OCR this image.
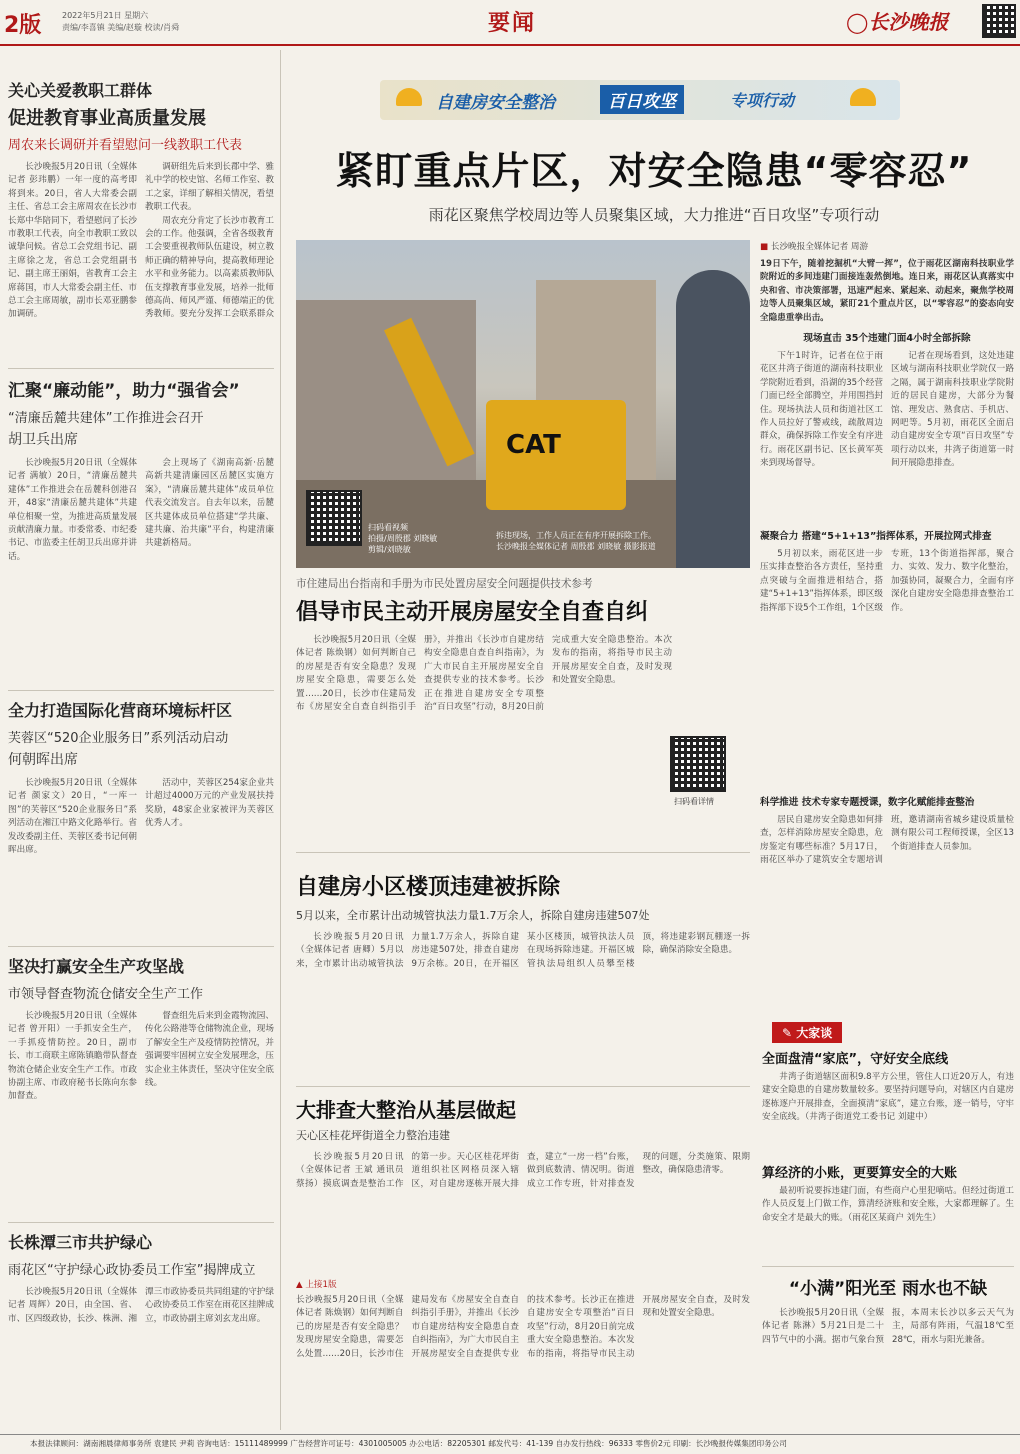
2版	2022年5月21日 星期六
责编/李喜镇 美编/赵璇 校读/肖舜	要闻	◯长沙晚报
关心关爱教职工群体
促进教育事业高质量发展
周农来长调研并看望慰问一线教职工代表

长沙晚报5月20日讯（全媒体记者 彭玮鹏）一年一度的高考即将到来。20日，省人大常委会副主任、省总工会主席周农在长沙市长郑中华陪同下，看望慰问了长沙市教职工代表，向全市教职工致以诚挚问候。省总工会党组书记、副主席徐之龙，省总工会党组副书记、副主席王丽娟，省教育工会主席蒋国，市人大常委会副主任、市总工会主席周敏，副市长邓亚鹏参加调研。

调研组先后来到长郡中学、雅礼中学的校史馆、名师工作室、教工之家，详细了解相关情况，看望教职工代表。

周农充分肯定了长沙市教育工会的工作。他强调，全省各级教育工会要重视教师队伍建设，树立教师正确的精神导向，提高教师理论水平和业务能力。以高素质教师队伍支撑教育事业发展，培养一批师德高尚、师风严谨、师德端正的优秀教师。要充分发挥工会联系群众

汇聚“廉动能”，助力“强省会”
“清廉岳麓共建体”工作推进会召开
胡卫兵出席

长沙晚报5月20日讯（全媒体记者 满敏）20日，“清廉岳麓共建体”工作推进会在岳麓科创港召开，48家“清廉岳麓共建体”共建单位相聚一堂，为推进高质量发展贡献清廉力量。市委常委、市纪委书记、市监委主任胡卫兵出席并讲话。

会上现场了《湖南高新·岳麓高新共建清廉园区岳麓区实施方案》，“清廉岳麓共建体”成员单位代表交流发言。自去年以来，岳麓区共建体成员单位搭建“学共廉、建共廉、治共廉”平台，构建清廉共建新格局。

全力打造国际化营商环境标杆区
芙蓉区“520企业服务日”系列活动启动
何朝晖出席

长沙晚报5月20日讯（全媒体记者 颜家文）20日，“一库一图”的芙蓉区“520企业服务日”系列活动在湘江中路文化路举行。省发改委副主任、芙蓉区委书记何朝晖出席。

活动中，芙蓉区254家企业共计超过4000万元的产业发展扶持奖励，48家企业家被评为芙蓉区优秀人才。

坚决打赢安全生产攻坚战
市领导督查物流仓储安全生产工作

长沙晚报5月20日讯（全媒体记者 曾开阳）一手抓安全生产，一手抓疫情防控。20日，副市长、市工商联主席陈镇瞻带队督查物流仓储企业安全生产工作。市政协副主席、市政府秘书长陈向东参加督查。

督查组先后来到金霞物流园、传化公路港等仓储物流企业，现场了解安全生产及疫情防控情况，并强调要牢固树立安全发展理念，压实企业主体责任，坚决守住安全底线。

长株潭三市共护绿心
雨花区“守护绿心政协委员工作室”揭牌成立

长沙晚报5月20日讯（全媒体记者 周辉）20日，由全国、省、市、区四级政协，长沙、株洲、湘潭三市政协委员共同组建的守护绿心政协委员工作室在雨花区挂牌成立，市政协副主席刘玄龙出席。

自建房安全整治	百日攻坚	专项行动
紧盯重点片区，对安全隐患“零容忍”
雨花区聚焦学校周边等人员聚集区域，大力推进“百日攻坚”专项行动
CAT
扫码看视频
拍摄/周殷郡 刘晓敏
剪辑/刘晓敏
拆违现场，工作人员正在有序开展拆除工作。
长沙晚报全媒体记者 周殷郡 刘晓敏 摄影报道
■ 长沙晚报全媒体记者 周游
19日下午，随着挖掘机“大臂一挥”，位于雨花区湖南科技职业学院附近的多间违建门面接连轰然倒地。连日来，雨花区认真落实中央和省、市决策部署，迅速严起来、紧起来、动起来，聚焦学校周边等人员聚集区域，紧盯21个重点片区，以“零容忍”的姿态向安全隐患重拳出击。
现场直击 35个违建门面4小时全部拆除

下午1时许，记者在位于雨花区井湾子街道的湖南科技职业学院附近看到，沿湖的35个经营门面已经全部腾空，并用围挡封住。现场执法人员和街道社区工作人员拉好了警戒线，疏散周边群众，确保拆除工作安全有序进行。雨花区副书记、区长黄军英来到现场督导。

记者在现场看到，这处违建区域与湖南科技职业学院仅一路之隔，属于湖南科技职业学院附近的居民自建房，大部分为餐馆、理发店、熟食店、手机店、网吧等。5月初，雨花区全面启动自建房安全专项“百日攻坚”专项行动以来，井湾子街道第一时间开展隐患排查。

凝聚合力 搭建“5+1+13”指挥体系，开展拉网式排查

5月初以来，雨花区进一步压实排查整治各方责任，坚持重点突破与全面推进相结合，搭建“5+1+13”指挥体系，即区级指挥部下设5个工作组，1个区级专班，13个街道指挥部，聚合力、实效、发力、数字化整治，加强协同，凝聚合力，全面有序深化自建房安全隐患排查整治工作。

科学推进 技术专家专题授课，数字化赋能排查整治

居民自建房安全隐患如何排查，怎样消除房屋安全隐患，危房鉴定有哪些标准？5月17日，雨花区举办了建筑安全专题培训班，邀请湖南省城乡建设质量检测有限公司工程师授课，全区13个街道排查人员参加。

市住建局出台指南和手册为市民处置房屋安全问题提供技术参考
倡导市民主动开展房屋安全自查自纠
长沙晚报5月20日讯（全媒体记者 陈焕钢）如何判断自己的房屋是否有安全隐患？发现房屋安全隐患，需要怎么处置……20日，长沙市住建局发布《房屋安全自查自纠指引手册》，并推出《长沙市自建房结构安全隐患自查自纠指南》，为广大市民自主开展房屋安全自查提供专业的技术参考。长沙正在推进自建房安全专项整治“百日攻坚”行动，8月20日前完成重大安全隐患整治。本次发布的指南，将指导市民主动开展房屋安全自查，及时发现和处置安全隐患。
扫码看详情
自建房小区楼顶违建被拆除
5月以来，全市累计出动城管执法力量1.7万余人，拆除自建房违建507处
长沙晚报5月20日讯（全媒体记者 唐卿）5月以来，全市累计出动城管执法力量1.7万余人，拆除自建房违建507处，排查自建房9万余栋。20日，在开福区某小区楼顶，城管执法人员在现场拆除违建。开福区城管执法局组织人员攀至楼顶，将违建彩钢瓦棚逐一拆除，确保消除安全隐患。
大排查大整治从基层做起
天心区桂花坪街道全力整治违建
长沙晚报5月20日讯（全媒体记者 王斌 通讯员 蔡扬）摸底调查是整治工作的第一步。天心区桂花坪街道组织社区网格员深入辖区，对自建房逐栋开展大排查，建立“一房一档”台账，做到底数清、情况明。街道成立工作专班，针对排查发现的问题，分类施策、限期整改，确保隐患清零。
▲ 上接1版
长沙晚报5月20日讯（全媒体记者 陈焕钢）如何判断自己的房屋是否有安全隐患？发现房屋安全隐患，需要怎么处置……20日，长沙市住建局发布《房屋安全自查自纠指引手册》，并推出《长沙市自建房结构安全隐患自查自纠指南》，为广大市民自主开展房屋安全自查提供专业的技术参考。长沙正在推进自建房安全专项整治“百日攻坚”行动，8月20日前完成重大安全隐患整治。本次发布的指南，将指导市民主动开展房屋安全自查，及时发现和处置安全隐患。
✎ 大家谈
全面盘清“家底”，守好安全底线
井湾子街道辖区面积9.8平方公里，管住人口近20万人，有违建安全隐患的自建房数量较多。要坚持问题导向，对辖区内自建房逐栋逐户开展排查，全面摸清“家底”，建立台账，逐一销号，守牢安全底线。（井湾子街道党工委书记 刘建中）
算经济的小账，更要算安全的大账
最初听说要拆违建门面，有些商户心里犯嘀咕。但经过街道工作人员反复上门做工作，算清经济账和安全账，大家都理解了。生命安全才是最大的账。（雨花区某商户 刘先生）
“小满”阳光至 雨水也不缺
长沙晚报5月20日讯（全媒体记者 陈淋）5月21日是二十四节气中的小满。据市气象台预报，本周末长沙以多云天气为主，局部有阵雨，气温18℃至28℃，雨水与阳光兼备。
本报法律顾问：湖南湘晨律师事务所 袁建民 尹莉 咨询电话：15111489999 广告经营许可证号：4301005005 办公电话：82205301 邮发代号：41-139 自办发行热线：96333 零售价2元 印刷：长沙晚报传媒集团印务公司
